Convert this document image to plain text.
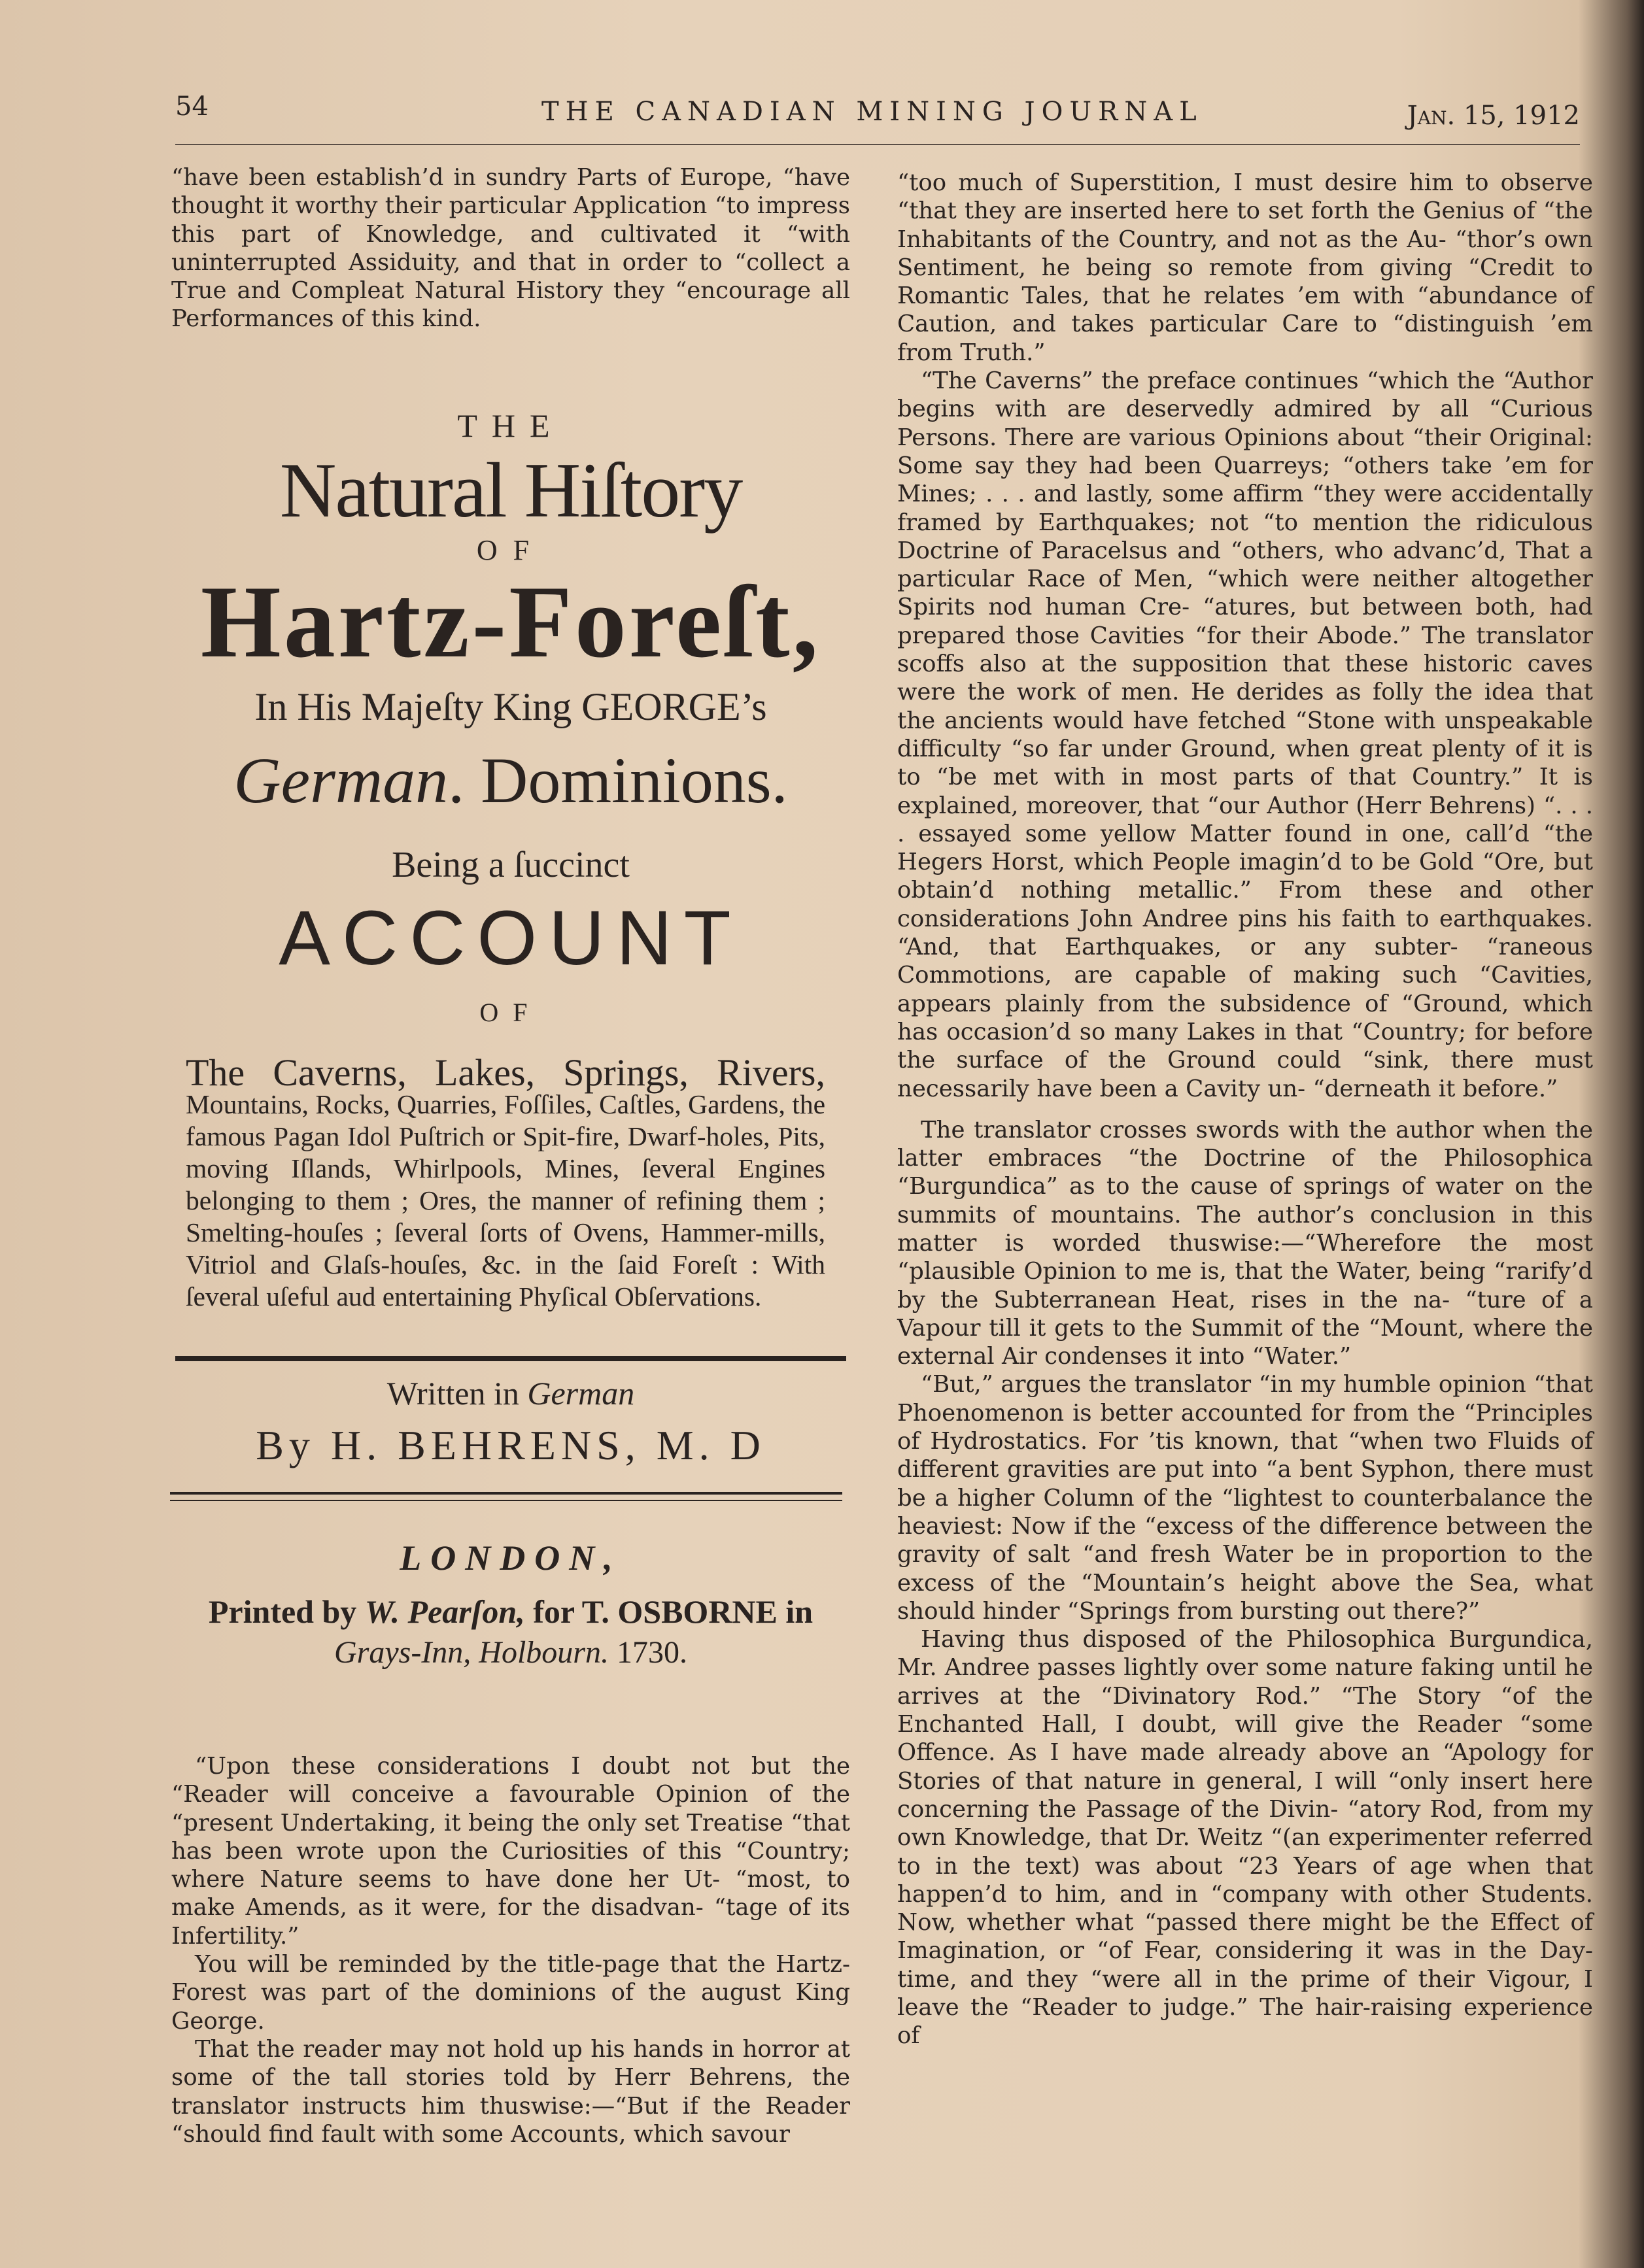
54	THE CANADIAN MINING JOURNAL	Jan. 15, 1912

“have been establish’d in sundry Parts of Europe, “have thought it worthy their particular Application “to impress this part of Knowledge, and cultivated it “with uninterrupted Assiduity, and that in order to “collect a True and Compleat Natural History they “encourage all Performances of this kind.

THE

Natural Hiſtory

OF

Hartz-Foreſt,

In His Majeſty King GEORGE’s

German. Dominions.

Being a ſuccinct

ACCOUNT

OF

The Caverns, Lakes, Springs, Rivers, Mountains, Rocks, Quarries, Foſſiles, Caſtles, Gardens, the famous Pagan Idol Puſtrich or Spit-fire, Dwarf-holes, Pits, moving Iſlands, Whirlpools, Mines, ſeveral Engines belonging to them ; Ores, the manner of refining them ; Smelting-houſes ; ſeveral ſorts of Ovens, Hammer-mills, Vitriol and Glaſs-houſes, &c. in the ſaid Foreſt : With ſeveral uſeful aud entertaining Phyſical Obſervations.

Written in German

By H. BEHRENS, M. D

LONDON,

Printed by W. Pearſon, for T. OSBORNE in

Grays-Inn, Holbourn. 1730.

“Upon these considerations I doubt not but the “Reader will conceive a favourable Opinion of the “present Undertaking, it being the only set Treatise “that has been wrote upon the Curiosities of this “Country; where Nature seems to have done her Ut- “most, to make Amends, as it were, for the disadvan- “tage of its Infertility.”

You will be reminded by the title-page that the Hartz-Forest was part of the dominions of the august King George.

That the reader may not hold up his hands in horror at some of the tall stories told by Herr Behrens, the translator instructs him thuswise:—“But if the Reader “should find fault with some Accounts, which savour

“too much of Superstition, I must desire him to observe “that they are inserted here to set forth the Genius of “the Inhabitants of the Country, and not as the Au- “thor’s own Sentiment, he being so remote from giving “Credit to Romantic Tales, that he relates ’em with “abundance of Caution, and takes particular Care to “distinguish ’em from Truth.”

“The Caverns” the preface continues “which the “Author begins with are deservedly admired by all “Curious Persons. There are various Opinions about “their Original: Some say they had been Quarreys; “others take ’em for Mines; . . . and lastly, some affirm “they were accidentally framed by Earthquakes; not “to mention the ridiculous Doctrine of Paracelsus and “others, who advanc’d, That a particular Race of Men, “which were neither altogether Spirits nod human Cre- “atures, but between both, had prepared those Cavities “for their Abode.” The translator scoffs also at the supposition that these historic caves were the work of men. He derides as folly the idea that the ancients would have fetched “Stone with unspeakable difficulty “so far under Ground, when great plenty of it is to “be met with in most parts of that Country.” It is explained, moreover, that “our Author (Herr Behrens) “. . . . essayed some yellow Matter found in one, call’d “the Hegers Horst, which People imagin’d to be Gold “Ore, but obtain’d nothing metallic.” From these and other considerations John Andree pins his faith to earthquakes. “And, that Earthquakes, or any subter- “raneous Commotions, are capable of making such “Cavities, appears plainly from the subsidence of “Ground, which has occasion’d so many Lakes in that “Country; for before the surface of the Ground could “sink, there must necessarily have been a Cavity un- “derneath it before.”

The translator crosses swords with the author when the latter embraces “the Doctrine of the Philosophica “Burgundica” as to the cause of springs of water on the summits of mountains. The author’s conclusion in this matter is worded thuswise:—“Wherefore the most “plausible Opinion to me is, that the Water, being “rarify’d by the Subterranean Heat, rises in the na- “ture of a Vapour till it gets to the Summit of the “Mount, where the external Air condenses it into “Water.”

“But,” argues the translator “in my humble opinion “that Phoenomenon is better accounted for from the “Principles of Hydrostatics. For ’tis known, that “when two Fluids of different gravities are put into “a bent Syphon, there must be a higher Column of the “lightest to counterbalance the heaviest: Now if the “excess of the difference between the gravity of salt “and fresh Water be in proportion to the excess of the “Mountain’s height above the Sea, what should hinder “Springs from bursting out there?”

Having thus disposed of the Philosophica Burgundica, Mr. Andree passes lightly over some nature faking until he arrives at the “Divinatory Rod.” “The Story “of the Enchanted Hall, I doubt, will give the Reader “some Offence. As I have made already above an “Apology for Stories of that nature in general, I will “only insert here concerning the Passage of the Divin- “atory Rod, from my own Knowledge, that Dr. Weitz “(an experimenter referred to in the text) was about “23 Years of age when that happen’d to him, and in “company with other Students. Now, whether what “passed there might be the Effect of Imagination, or “of Fear, considering it was in the Day-time, and they “were all in the prime of their Vigour, I leave the “Reader to judge.” The hair-raising experience of
